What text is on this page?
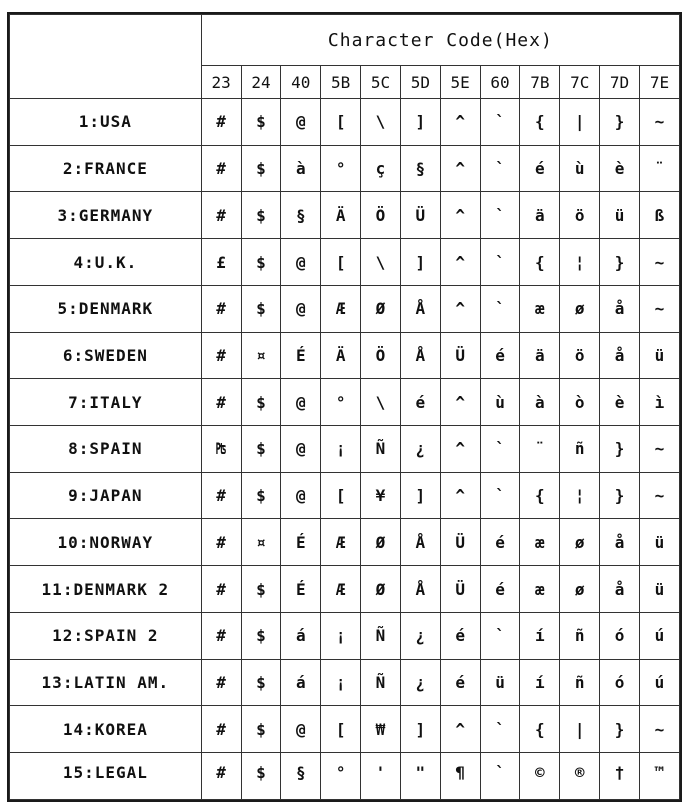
	Character Code(Hex)											
	23	24	40	5B	5C	5D	5E	60	7B	7C	7D	7E
1:USA	#	$	@	[	\	]	^	`	{	|	}	~
2:FRANCE	#	$	à	°	ç	§	^	`	é	ù	è	¨
3:GERMANY	#	$	§	Ä	Ö	Ü	^	`	ä	ö	ü	ß
4:U.K.	£	$	@	[	\	]	^	`	{	¦	}	~
5:DENMARK	#	$	@	Æ	Ø	Å	^	`	æ	ø	å	~
6:SWEDEN	#	¤	É	Ä	Ö	Å	Ü	é	ä	ö	å	ü
7:ITALY	#	$	@	°	\	é	^	ù	à	ò	è	ì
8:SPAIN	₧	$	@	¡	Ñ	¿	^	`	¨	ñ	}	~
9:JAPAN	#	$	@	[	¥	]	^	`	{	¦	}	~
10:NORWAY	#	¤	É	Æ	Ø	Å	Ü	é	æ	ø	å	ü
11:DENMARK 2	#	$	É	Æ	Ø	Å	Ü	é	æ	ø	å	ü
12:SPAIN 2	#	$	á	¡	Ñ	¿	é	`	í	ñ	ó	ú
13:LATIN AM.	#	$	á	¡	Ñ	¿	é	ü	í	ñ	ó	ú
14:KOREA	#	$	@	[	₩	]	^	`	{	|	}	~
15:LEGAL	#	$	§	°	'	"	¶	`	©	®	†	™
